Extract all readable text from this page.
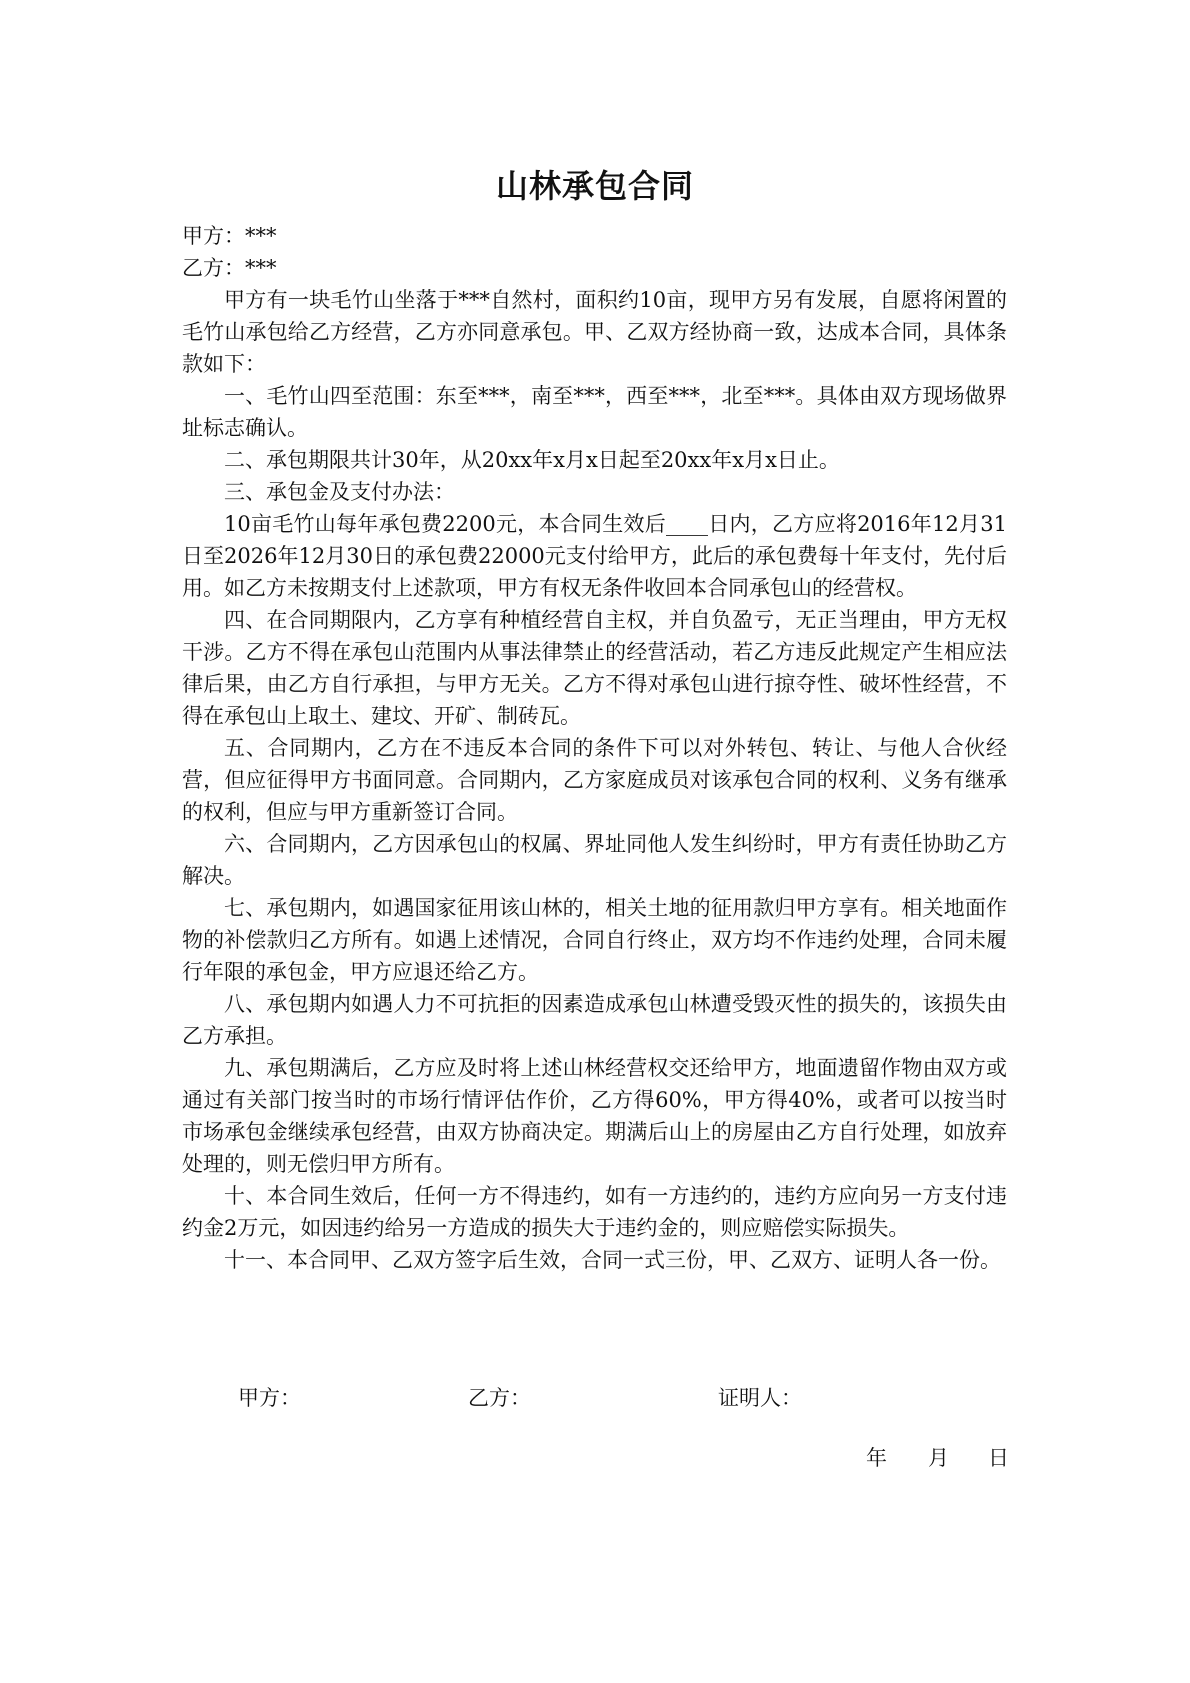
山林承包合同

甲方：***

乙方：***

甲方有一块毛竹山坐落于***自然村，面积约10亩，现甲方另有发展，自愿将闲置的毛竹山承包给乙方经营，乙方亦同意承包。甲、乙双方经协商一致，达成本合同，具体条款如下：

一、毛竹山四至范围：东至***，南至***，西至***，北至***。具体由双方现场做界址标志确认。

二、承包期限共计30年，从20xx年x月x日起至20xx年x月x日止。

三、承包金及支付办法：

10亩毛竹山每年承包费2200元，本合同生效后____日内，乙方应将2016年12月31日至2026年12月30日的承包费22000元支付给甲方，此后的承包费每十年支付，先付后用。如乙方未按期支付上述款项，甲方有权无条件收回本合同承包山的经营权。

四、在合同期限内，乙方享有种植经营自主权，并自负盈亏，无正当理由，甲方无权干涉。乙方不得在承包山范围内从事法律禁止的经营活动，若乙方违反此规定产生相应法律后果，由乙方自行承担，与甲方无关。乙方不得对承包山进行掠夺性、破坏性经营，不得在承包山上取土、建坟、开矿、制砖瓦。

五、合同期内，乙方在不违反本合同的条件下可以对外转包、转让、与他人合伙经营，但应征得甲方书面同意。合同期内，乙方家庭成员对该承包合同的权利、义务有继承的权利，但应与甲方重新签订合同。

六、合同期内，乙方因承包山的权属、界址同他人发生纠纷时，甲方有责任协助乙方解决。

七、承包期内，如遇国家征用该山林的，相关土地的征用款归甲方享有。相关地面作物的补偿款归乙方所有。如遇上述情况，合同自行终止，双方均不作违约处理，合同未履行年限的承包金，甲方应退还给乙方。

八、承包期内如遇人力不可抗拒的因素造成承包山林遭受毁灭性的损失的，该损失由乙方承担。

九、承包期满后，乙方应及时将上述山林经营权交还给甲方，地面遗留作物由双方或通过有关部门按当时的市场行情评估作价，乙方得60%，甲方得40%，或者可以按当时市场承包金继续承包经营，由双方协商决定。期满后山上的房屋由乙方自行处理，如放弃处理的，则无偿归甲方所有。

十、本合同生效后，任何一方不得违约，如有一方违约的，违约方应向另一方支付违约金2万元，如因违约给另一方造成的损失大于违约金的，则应赔偿实际损失。

十一、本合同甲、乙双方签字后生效，合同一式三份，甲、乙双方、证明人各一份。

甲方：	乙方：	证明人：
年 月 日
